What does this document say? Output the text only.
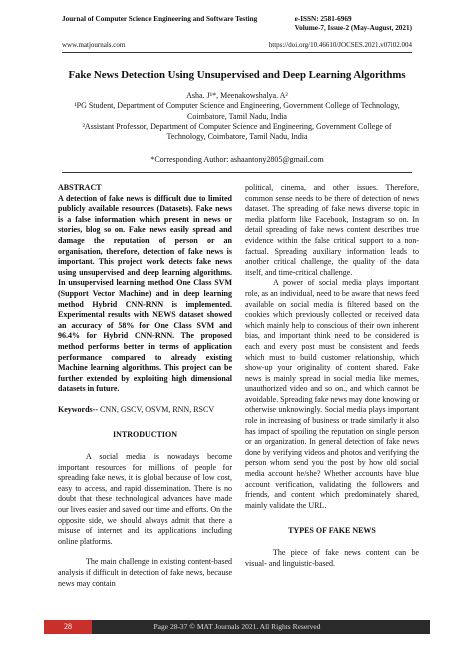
Journal of Computer Science Engineering and Software Testing	e-ISSN: 2581-6969
Volume-7, Issue-2 (May-August, 2021)
www.matjournals.com	https://doi.org/10.46610/JOCSES.2021.v07i02.004
Fake News Detection Using Unsupervised and Deep Learning Algorithms

Asha. J¹*, Meenakowshalya. A²

¹PG Student, Department of Computer Science and Engineering, Government College of Technology,

Coimbatore, Tamil Nadu, India

²Assistant Professor, Department of Computer Science and Engineering, Government College of

Technology, Coimbatore, Tamil Nadu, India

*Corresponding Author: ashaantony2805@gmail.com
ABSTRACT
A detection of fake news is difficult due to limited publicly available resources (Datasets). Fake news is a false information which present in news or stories, blog so on. Fake news easily spread and damage the reputation of person or an organisation, therefore, detection of fake news is important. This project work detects fake news using unsupervised and deep learning algorithms. In unsupervised learning method One Class SVM (Support Vector Machine) and in deep learning method Hybrid CNN-RNN is implemented. Experimental results with NEWS dataset showed an accuracy of 58% for One Class SVM and 96.4% for Hybrid CNN-RNN. The proposed method performs better in terms of application performance compared to already existing Machine learning algorithms. This project can be further extended by exploiting high dimensional datasets in future.
Keywords-- CNN, GSCV, OSVM, RNN, RSCV
INTRODUCTION
A social media is nowadays become important resources for millions of people for spreading fake news, it is global because of low cost, easy to access, and rapid dissemination. There is no doubt that these technological advances have made our lives easier and saved our time and efforts. On the opposite side, we should always admit that there a misuse of internet and its applications including online platforms.
The main challenge in existing content-based analysis if difficult in detection of fake news, because news may contain
political, cinema, and other issues. Therefore, common sense needs to be there of detection of news dataset. The spreading of fake news diverse topic in media platform like Facebook, Instagram so on. In detail spreading of fake news content describes true evidence within the false critical support to a non-factual. Spreading auxiliary information leads to another critical challenge, the quality of the data itself, and time-critical challenge.
A power of social media plays important role, as an individual, need to be aware that news feed available on social media is filtered based on the cookies which previously collected or received data which mainly help to conscious of their own inherent bias, and important think need to be considered is each and every post must be consistent and feeds which must to build customer relationship, which show-up your originality of content shared. Fake news is mainly spread in social media like memes, unauthorized video and so on., and which cannot be avoidable. Spreading fake news may done knowing or otherwise unknowingly. Social media plays important role in increasing of business or trade similarly it also has impact of spoiling the reputation on single person or an organization. In general detection of fake news done by verifying videos and photos and verifying the person whom send you the post by how old social media account he/she? Whether accounts have blue account verification, validating the followers and friends, and content which predominately shared, mainly validate the URL.
TYPES OF FAKE NEWS
The piece of fake news content can be visual- and linguistic-based.
Page 28-37 © MAT Journals 2021. All Rights Reserved
28
